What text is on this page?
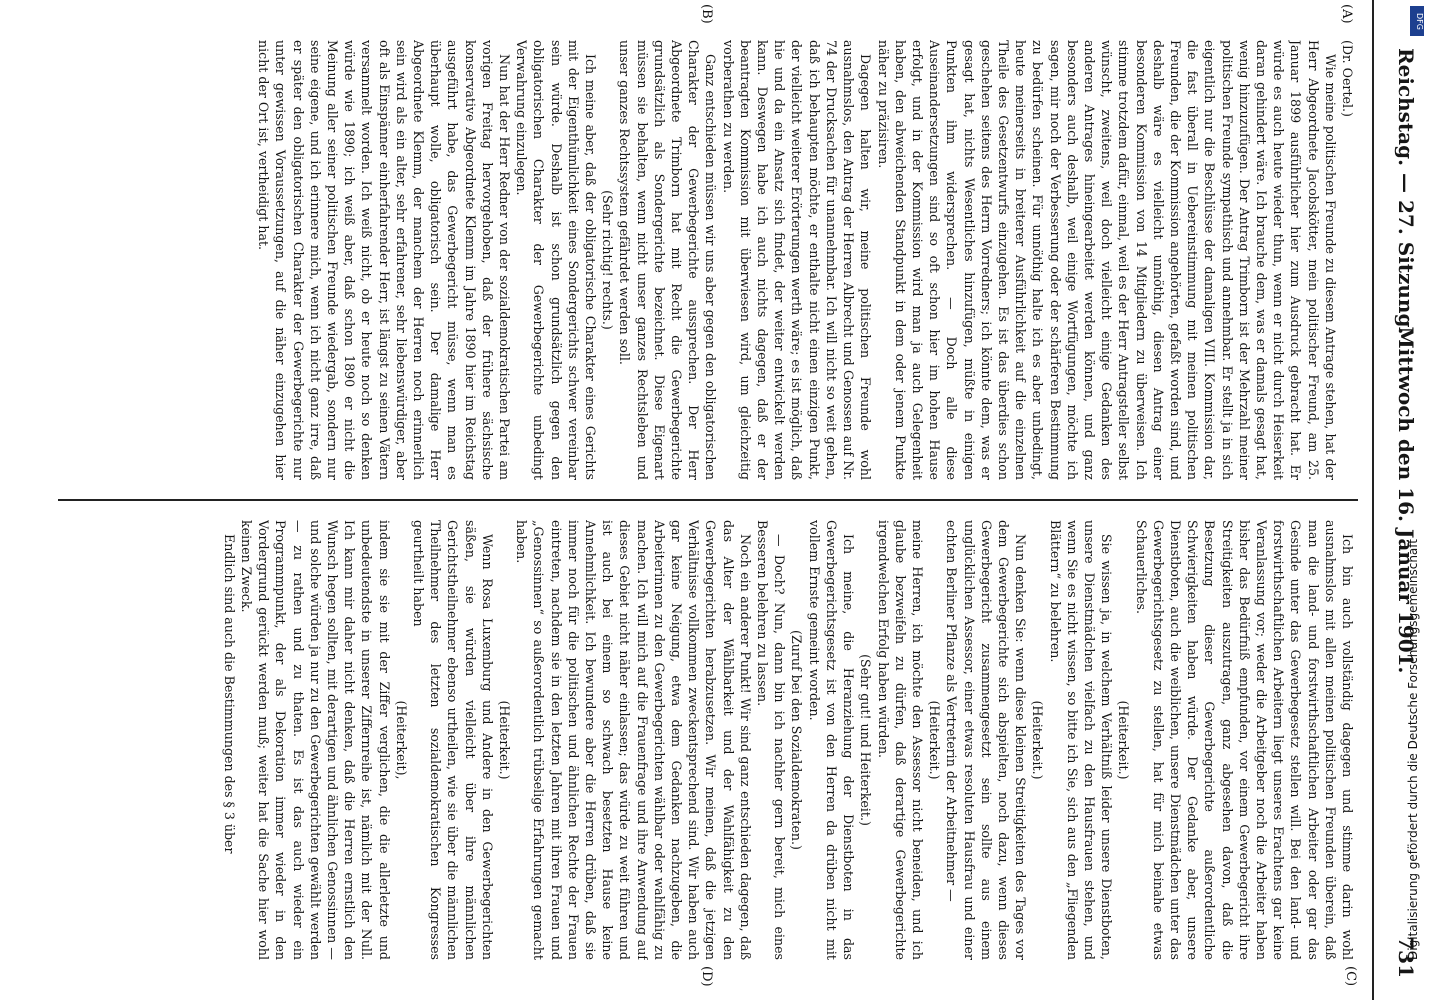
Reichstag. — 27. Sitzung.
Mittwoch den 16. Januar 1901.
731
(A)
(B)
(C)
(D)

(Dr. Oertel.)

Wie meine politischen Freunde zu diesem Antrage stehen, hat der Herr Abgeordnete Jacobskötter, mein politischer Freund, am 25. Januar 1899 ausführlicher hier zum Ausdruck gebracht hat. Er würde es auch heute wieder thun, wenn er nicht durch Heiserkeit daran gehindert wäre. Ich brauche dem, was er damals gesagt hat, wenig hinzuzufügen. Der Antrag Trimborn ist der Mehrzahl meiner politischen Freunde sympathisch und annehmbar. Er stellt ja in sich eigentlich nur die Beschlüsse der damaligen VIII. Kommission dar, die fast überall in Uebereinstimmung mit meinen politischen Freunden, die der Kommission angehörten, gefaßt worden sind, und deshalb wäre es vielleicht unnöthig, diesen Antrag einer besonderen Kommission von 14 Mitgliedern zu überweisen. Ich stimme trotzdem dafür, einmal, weil es der Herr Antragsteller selbst wünscht, zweitens, weil doch vielleicht einige Gedanken des anderen Antrages hineingearbeitet werden können, und ganz besonders auch deshalb, weil einige Wortfügungen, möchte ich sagen, mir noch der Verbesserung oder der schärferen Bestimmung zu bedürfen scheinen. Für unnöthig halte ich es aber unbedingt, heute meinerseits in breiterer Ausführlichkeit auf die einzelnen Theile des Gesetzentwurfs einzugehen. Es ist das überdies schon geschehen seitens des Herrn Vorredners; ich könnte dem, was er gesagt hat, nichts Wesentliches hinzufügen, müßte in einigen Punkten ihm widersprechen. — Doch alle diese Auseinandersetzungen sind so oft schon hier im hohen Hause erfolgt, und in der Kommission wird man ja auch Gelegenheit haben, den abweichenden Standpunkt in dem oder jenem Punkte näher zu präzisiren.

Dagegen halten wir, meine politischen Freunde wohl ausnahmslos, den Antrag der Herren Albrecht und Genossen auf Nr. 74 der Drucksachen für unannehmbar. Ich will nicht so weit gehen, daß ich behaupten möchte, er enthalte nicht einen einzigen Punkt, der vielleicht weiterer Erörterungen werth wäre; es ist möglich, daß hie und da ein Ansatz sich findet, der weiter entwickelt werden kann. Deswegen habe ich auch nichts dagegen, daß er der beantragten Kommission mit überwiesen wird, um gleichzeitig vorberathen zu werden.

Ganz entschieden müssen wir uns aber gegen den obligatorischen Charakter der Gewerbegerichte aussprechen. Der Herr Abgeordnete Trimborn hat mit Recht die Gewerbegerichte grundsätzlich als Sondergerichte bezeichnet. Diese Eigenart müssen sie behalten, wenn nicht unser ganzes Rechtsleben und unser ganzes Rechtssystem gefährdet werden soll.

(Sehr richtig! rechts.)

Ich meine aber, daß der obligatorische Charakter eines Gerichts mit der Eigenthümlichkeit eines Sondergerichts schwer vereinbar sein würde. Deshalb ist schon grundsätzlich gegen den obligatorischen Charakter der Gewerbegerichte unbedingt Verwahrung einzulegen.

Nun hat der Herr Redner von der sozialdemokratischen Partei am vorigen Freitag hervorgehoben, daß der frühere sächsische konservative Abgeordnete Klemm im Jahre 1890 hier im Reichstag ausgeführt habe, das Gewerbegericht müsse, wenn man es überhaupt wolle, obligatorisch sein. Der damalige Herr Abgeordnete Klemm, der manchem der Herren noch erinnerlich sein wird als ein alter, sehr erfahrener, sehr liebenswürdiger, aber oft als Einspänner einherfahrender Herr, ist längst zu seinen Vätern versammelt worden. Ich weiß nicht, ob er heute noch so denken würde wie 1890; ich weiß aber, daß schon 1890 er nicht die Meinung aller seiner politischen Freunde wiedergab, sondern nur seine eigene, und ich erinnere mich, wenn ich nicht ganz irre, daß er später den obligatorischen Charakter der Gewerbegerichte nur unter gewissen Voraussetzungen, auf die näher einzugehen hier nicht der Ort ist, vertheidigt hat.

Ich bin auch vollständig dagegen und stimme darin wohl ausnahmslos mit allen meinen politischen Freunden überein, daß man die land- und forstwirthschaftlichen Arbeiter oder gar das Gesinde unter das Gewerbegesetz stellen will. Bei den land- und forstwirthschaftlichen Arbeitern liegt unseres Erachtens gar keine Veranlassung vor; weder die Arbeitgeber noch die Arbeiter haben bisher das Bedürfniß empfunden, vor einem Gewerbegericht ihre Streitigkeiten auszutragen, ganz abgesehen davon, daß die Besetzung dieser Gewerbegerichte außerordentliche Schwierigkeiten haben würde. Der Gedanke aber, unsere Dienstboten, auch die weiblichen, unsere Dienstmädchen unter das Gewerbegerichtsgesetz zu stellen, hat für mich beinahe etwas Schauerliches.

(Heiterkeit.)

Sie wissen ja, in welchem Verhältniß leider unsere Dienstboten, unsere Dienstmädchen vielfach zu den Hausfrauen stehen, und wenn Sie es nicht wissen, so bitte ich Sie, sich aus den „Fliegenden Blättern“ zu belehren.

(Heiterkeit.)

Nun denken Sie: wenn diese kleinen Streitigkeiten des Tages vor dem Gewerbegerichte sich abspielten, noch dazu, wenn dieses Gewerbegericht zusammengesetzt sein sollte aus einem unglücklichen Assessor, einer etwas resoluten Hausfrau und einer echten Berliner Pflanze als Vertreterin der Arbeitnehmer —

(Heiterkeit.)

meine Herren, ich möchte den Assessor nicht beneiden, und ich glaube bezweifeln zu dürfen, daß derartige Gewerbegerichte irgendwelchen Erfolg haben würden.

(Sehr gut! und Heiterkeit.)

Ich meine, die Heranziehung der Dienstboten in das Gewerbegerichtsgesetz ist von den Herren da drüben nicht mit vollem Ernste gemeint worden.

(Zuruf bei den Sozialdemokraten.)

— Doch? Nun, dann bin ich nachher gern bereit, mich eines Besseren belehren zu lassen.

Noch ein anderer Punkt! Wir sind ganz entschieden dagegen, daß das Alter der Wählbarkeit und der Wahlfähigkeit zu den Gewerbegerichten herabzusetzen. Wir meinen, daß die jetzigen Verhältnisse vollkommen zweckentsprechend sind. Wir haben auch gar keine Neigung, etwa dem Gedanken nachzugeben, die Arbeiterinnen zu den Gewerbegerichten wählbar oder wahlfähig zu machen. Ich will mich auf die Frauenfrage und ihre Anwendung auf dieses Gebiet nicht näher einlassen; das würde zu weit führen und ist auch bei einem so schwach besetzten Hause keine Annehmlichkeit. Ich bewundere aber die Herren drüben, daß sie immer noch für die politischen und ähnlichen Rechte der Frauen eintreten, nachdem sie in den letzten Jahren mit ihren Frauen und „Genossinnen“ so außerordentlich trübselige Erfahrungen gemacht haben.

(Heiterkeit.)

Wenn Rosa Luxemburg und Andere in den Gewerbegerichten säßen, sie würden vielleicht über ihre männlichen Gerichtstheilnehmer ebenso urtheilen, wie sie über die männlichen Theilnehmer des letzten sozialdemokratischen Kongresses geurtheilt haben

(Heiterkeit),

indem sie sie mit der Ziffer verglichen, die die allerletzte und unbedeutendste in unserer Ziffernreihe ist, nämlich mit der Null. Ich kann mir daher nicht denken, daß die Herren ernstlich den Wunsch hegen sollten, mit derartigen und ähnlichen Genossinnen — und solche würden ja nur zu den Gewerbegerichten gewählt werden — zu rathen und zu thaten. Es ist das auch wieder ein Programmpunkt, der als Dekoration immer wieder in den Vordergrund gerückt werden muß; weiter hat die Sache hier wohl keinen Zweck.

Endlich sind auch die Bestimmungen des § 3 über

DFG
Digitalisierung gefördert durch die Deutsche Forschungsgemeinschaft
